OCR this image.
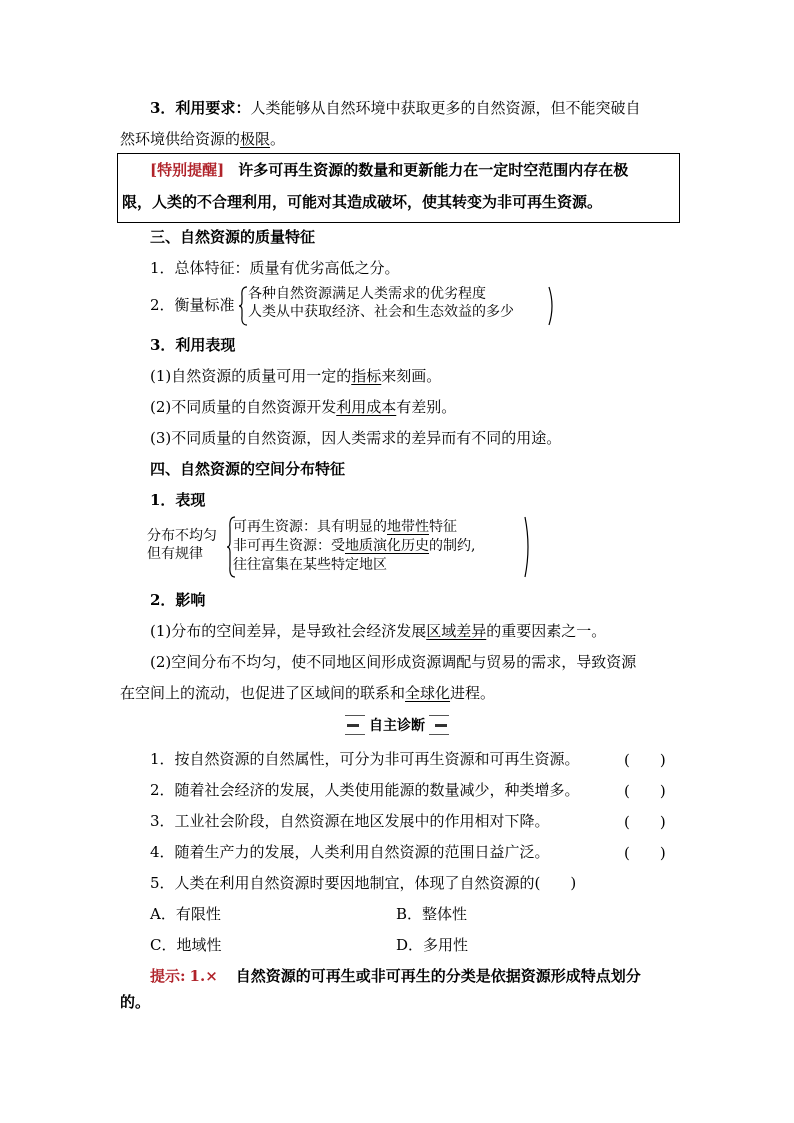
3．利用要求：人类能够从自然环境中获取更多的自然资源，但不能突破自
然环境供给资源的极限。
[特别提醒] 许多可再生资源的数量和更新能力在一定时空范围内存在极
限，人类的不合理利用，可能对其造成破坏，使其转变为非可再生资源。
三、自然资源的质量特征
1．总体特征：质量有优劣高低之分。
2．衡量标准
各种自然资源满足人类需求的优劣程度
人类从中获取经济、社会和生态效益的多少
3．利用表现
(1)自然资源的质量可用一定的指标来刻画。
(2)不同质量的自然资源开发利用成本有差别。
(3)不同质量的自然资源，因人类需求的差异而有不同的用途。
四、自然资源的空间分布特征
1．表现
分布不均匀
但有规律
可再生资源：具有明显的地带性特征
非可再生资源：受地质演化历史的制约,
往往富集在某些特定地区
2．影响
(1)分布的空间差异，是导致社会经济发展区域差异的重要因素之一。
(2)空间分布不均匀，使不同地区间形成资源调配与贸易的需求，导致资源
在空间上的流动，也促进了区域间的联系和全球化进程。
自主诊断
1．按自然资源的自然属性，可分为非可再生资源和可再生资源。	(　　)
2．随着社会经济的发展，人类使用能源的数量减少，种类增多。	(　　)
3．工业社会阶段，自然资源在地区发展中的作用相对下降。	(　　)
4．随着生产力的发展，人类利用自然资源的范围日益广泛。	(　　)
5．人类在利用自然资源时要因地制宜，体现了自然资源的(　　)
A．有限性	B．整体性
C．地域性	D．多用性
提示: 1.× 自然资源的可再生或非可再生的分类是依据资源形成特点划分
的。
